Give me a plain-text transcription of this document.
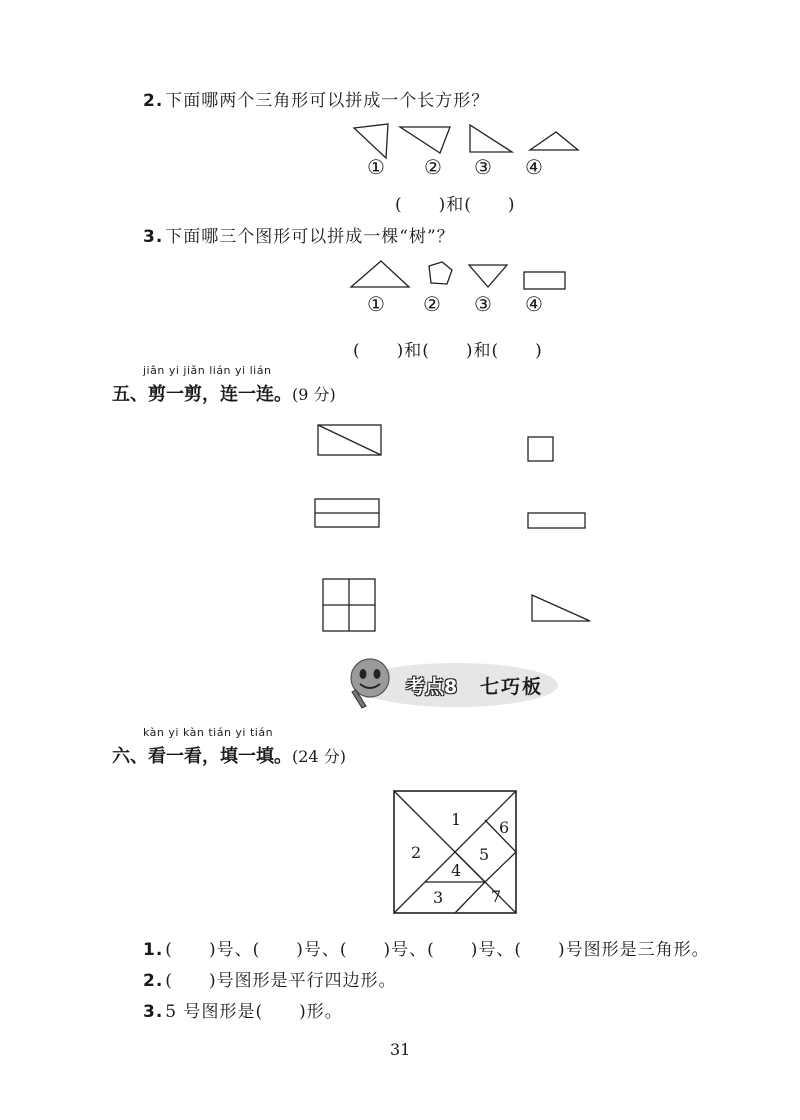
2. 下面哪两个三角形可以拼成一个长方形？
① ② ③ ④
( )和( )
3. 下面哪三个图形可以拼成一棵“树”？
① ② ③ ④
( )和( )和( )
jiǎn yi jiǎn lián yi lián
五、剪一剪，连一连。(9 分)
考点8 七巧板
kàn yi kàn tián yi tián
六、看一看，填一填。(24 分)
1
2
3
4
5
6
7
1. ( )号、( )号、( )号、( )号、( )号图形是三角形。
2. ( )号图形是平行四边形。
3. 5 号图形是( )形。
31
